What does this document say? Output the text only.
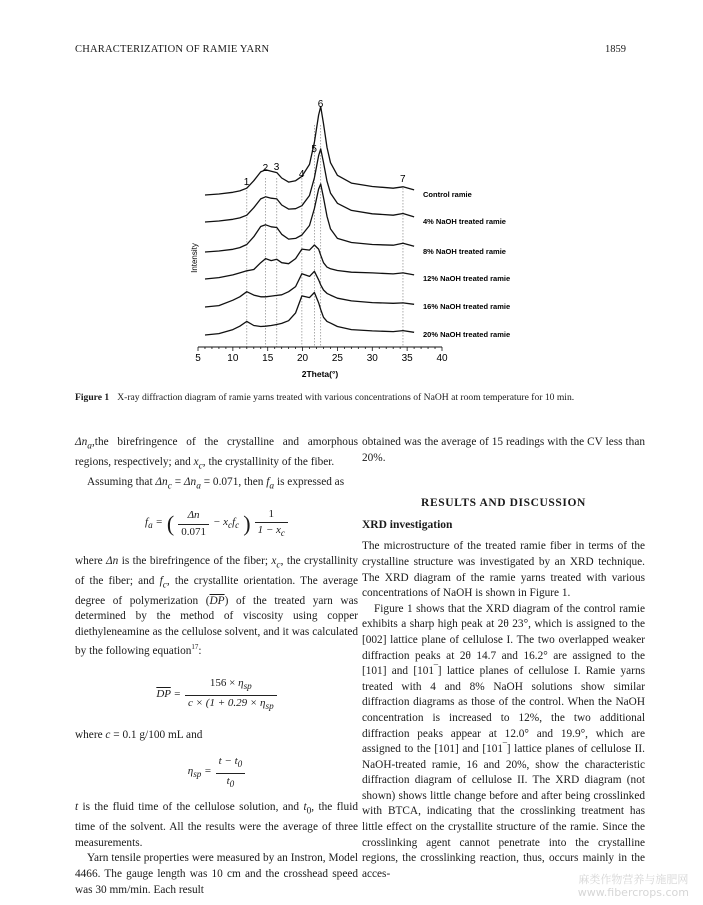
CHARACTERIZATION OF RAMIE YARN	1859
Control ramie
4% NaOH treated ramie
8% NaOH treated ramie
12% NaOH treated ramie
16% NaOH treated ramie
20% NaOH treated ramie
1
2 3
4
5
6
7
5	10 15 20 25 30 35 40
2Theta(°)
Intensity
Figure 1 X-ray diffraction diagram of ramie yarns treated with various concentrations of NaOH at room temperature for 10 min.

$\Delta n_a,the$ birefringence of the crystalline and amorphous regions, respectively; and $x_c$, the crystallinity of the fiber.

Assuming that $\Delta n_c = \Delta n_a = 0.071$, then $f_a$ is expressed as

$f_a$ =	(	$\frac{\Delta n}{0.071}$	− $x_cf_c$	)	$\frac{1}{1 - x_c}$

where Δn is the birefringence of the fiber; $x_c$, the crystallinity of the fiber; and $f_c$, the crystallite orientation. The average degree of polymerization $(\overline{DP})$ of the treated yarn was determined by the method of viscosity using copper diethyleneamine as the cellulose solvent, and it was calculated by the following equation$^{17}$:

$\overline{DP}$ =	$\frac{156 \times \eta_{sp}}{c \times (1 + 0.29 \times \eta_{sp}}$

where c = 0.1 g/100 mL and

$\eta_{sp}$ =	$\frac{t - t_0}{t_0}$

t is the fluid time of the cellulose solution, and $t_0$, the fluid time of the solvent. All the results were the average of three measurements.

Yarn tensile properties were measured by an Instron, Model 4466. The gauge length was 10 cm and the crosshead speed was 30 mm/min. Each result

obtained was the average of 15 readings with the CV less than 20%.

RESULTS AND DISCUSSION
XRD investigation

The microstructure of the treated ramie fiber in terms of the crystalline structure was investigated by an XRD technique. The XRD diagram of the ramie yarns treated with various concentrations of NaOH is shown in Figure 1.

Figure 1 shows that the XRD diagram of the control ramie exhibits a sharp high peak at 2θ 23°, which is assigned to the [002] lattice plane of cellulose I. The two overlapped weaker diffraction peaks at 2θ 14.7 and 16.2° are assigned to the [101] and [101‾] lattice planes of cellulose I. Ramie yarns treated with 4 and 8% NaOH solutions show similar diffraction diagrams as those of the control. When the NaOH concentration is increased to 12%, the two additional diffraction peaks appear at 12.0° and 19.9°, which are assigned to the [101] and [101‾] lattice planes of cellulose II. NaOH-treated ramie, 16 and 20%, show the characteristic diffraction diagram of cellulose II. The XRD diagram (not shown) shows little change before and after being crosslinked with BTCA, indicating that the crosslinking treatment has little effect on the crystallite structure of the ramie. Since the crosslinking agent cannot penetrate into the crystalline regions, the crosslinking reaction, thus, occurs mainly in the acces-	麻类作物营养与施肥网
www.fibercrops.com
